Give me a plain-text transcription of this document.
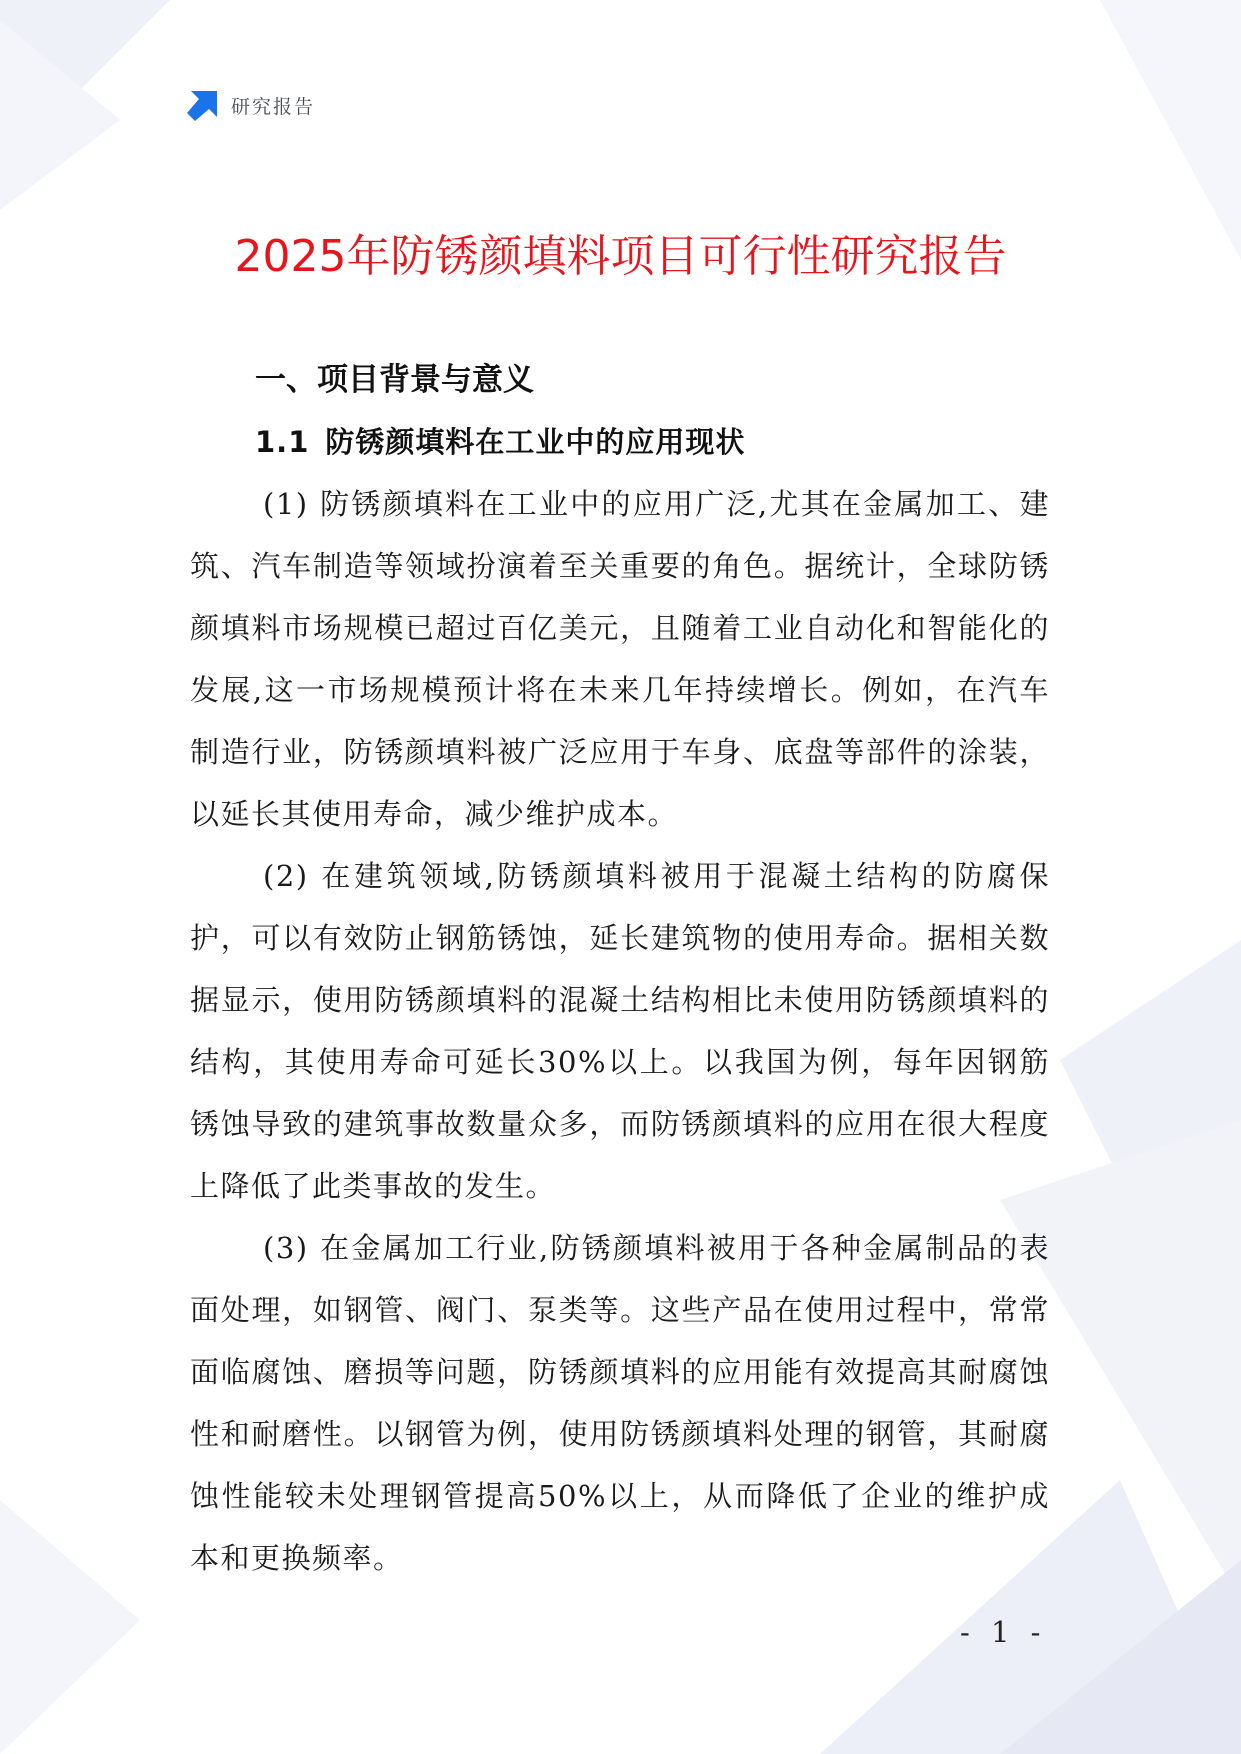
研究报告
2025年防锈颜填料项目可行性研究报告
一、项目背景与意义
1.1 防锈颜填料在工业中的应用现状

(1) 防锈颜填料在工业中的应用广泛,尤其在金属加工、建筑、汽车制造等领域扮演着至关重要的角色。据统计，全球防锈颜填料市场规模已超过百亿美元，且随着工业自动化和智能化的发展,这一市场规模预计将在未来几年持续增长。例如，在汽车制造行业，防锈颜填料被广泛应用于车身、底盘等部件的涂装，以延长其使用寿命，减少维护成本。

(2) 在建筑领域,防锈颜填料被用于混凝土结构的防腐保护，可以有效防止钢筋锈蚀，延长建筑物的使用寿命。据相关数据显示，使用防锈颜填料的混凝土结构相比未使用防锈颜填料的结构，其使用寿命可延长30%以上。以我国为例，每年因钢筋锈蚀导致的建筑事故数量众多，而防锈颜填料的应用在很大程度上降低了此类事故的发生。

(3) 在金属加工行业,防锈颜填料被用于各种金属制品的表面处理，如钢管、阀门、泵类等。这些产品在使用过程中，常常面临腐蚀、磨损等问题，防锈颜填料的应用能有效提高其耐腐蚀性和耐磨性。以钢管为例，使用防锈颜填料处理的钢管，其耐腐蚀性能较未处理钢管提高50%以上，从而降低了企业的维护成本和更换频率。

- 1 -
